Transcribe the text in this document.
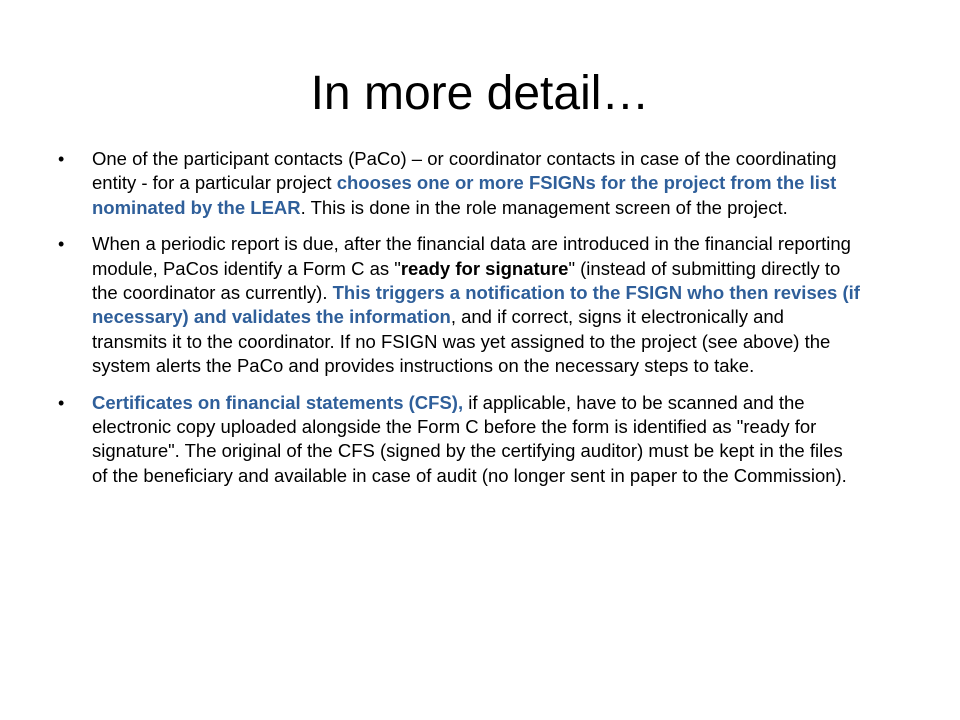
In more detail…
• One of the participant contacts (PaCo) – or coordinator contacts in case of the coordinating entity - for a particular project chooses one or more FSIGNs for the project from the list nominated by the LEAR. This is done in the role management screen of the project.
• When a periodic report is due, after the financial data are introduced in the financial reporting module, PaCos identify a Form C as "ready for signature" (instead of submitting directly to the coordinator as currently). This triggers a notification to the FSIGN who then revises (if necessary) and validates the information, and if correct, signs it electronically and transmits it to the coordinator. If no FSIGN was yet assigned to the project (see above) the system alerts the PaCo and provides instructions on the necessary steps to take.
• Certificates on financial statements (CFS), if applicable, have to be scanned and the electronic copy uploaded alongside the Form C before the form is identified as "ready for signature". The original of the CFS (signed by the certifying auditor) must be kept in the files of the beneficiary and available in case of audit (no longer sent in paper to the Commission).
